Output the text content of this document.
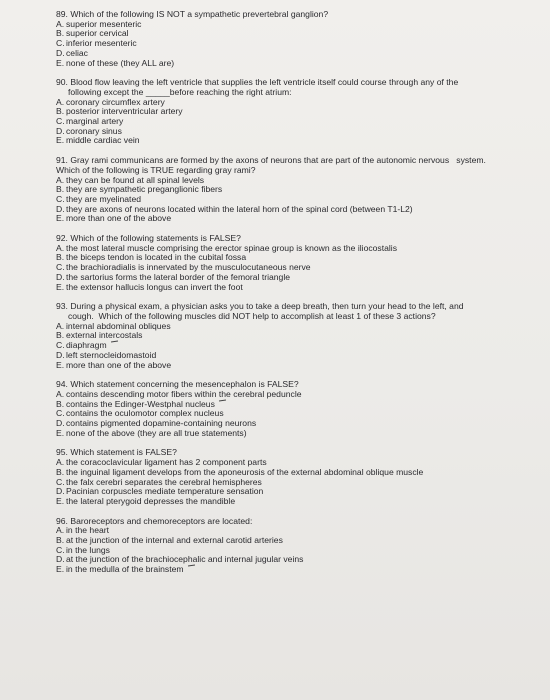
89. Which of the following IS NOT a sympathetic prevertebral ganglion?
A. superior mesenteric
B. superior cervical
C. inferior mesenteric
D. celiac
E. none of these (they ALL are)
90. Blood flow leaving the left ventricle that supplies the left ventricle itself could course through any of the
following except the _____before reaching the right atrium:
A. coronary circumflex artery
B. posterior interventricular artery
C. marginal artery
D. coronary sinus
E. middle cardiac vein
91. Gray rami communicans are formed by the axons of neurons that are part of the autonomic nervous   system.
Which of the following is TRUE regarding gray rami?
A. they can be found at all spinal levels
B. they are sympathetic preganglionic fibers
C. they are myelinated
D. they are axons of neurons located within the lateral horn of the spinal cord (between T1-L2)
E. more than one of the above
92. Which of the following statements is FALSE?
A. the most lateral muscle comprising the erector spinae group is known as the iliocostalis
B. the biceps tendon is located in the cubital fossa
C. the brachioradialis is innervated by the musculocutaneous nerve
D. the sartorius forms the lateral border of the femoral triangle
E. the extensor hallucis longus can invert the foot
93. During a physical exam, a physician asks you to take a deep breath, then turn your head to the left, and
cough.  Which of the following muscles did NOT help to accomplish at least 1 of these 3 actions?
A. internal abdominal obliques
B. external intercostals
C. diaphragm
D. left sternocleidomastoid
E. more than one of the above
94. Which statement concerning the mesencephalon is FALSE?
A. contains descending motor fibers within the cerebral peduncle
B. contains the Edinger-Westphal nucleus
C. contains the oculomotor complex nucleus
D. contains pigmented dopamine-containing neurons
E. none of the above (they are all true statements)
95. Which statement is FALSE?
A. the coracoclavicular ligament has 2 component parts
B. the inguinal ligament develops from the aponeurosis of the external abdominal oblique muscle
C. the falx cerebri separates the cerebral hemispheres
D. Pacinian corpuscles mediate temperature sensation
E. the lateral pterygoid depresses the mandible
96. Baroreceptors and chemoreceptors are located:
A. in the heart
B. at the junction of the internal and external carotid arteries
C. in the lungs
D. at the junction of the brachiocephalic and internal jugular veins
E. in the medulla of the brainstem
